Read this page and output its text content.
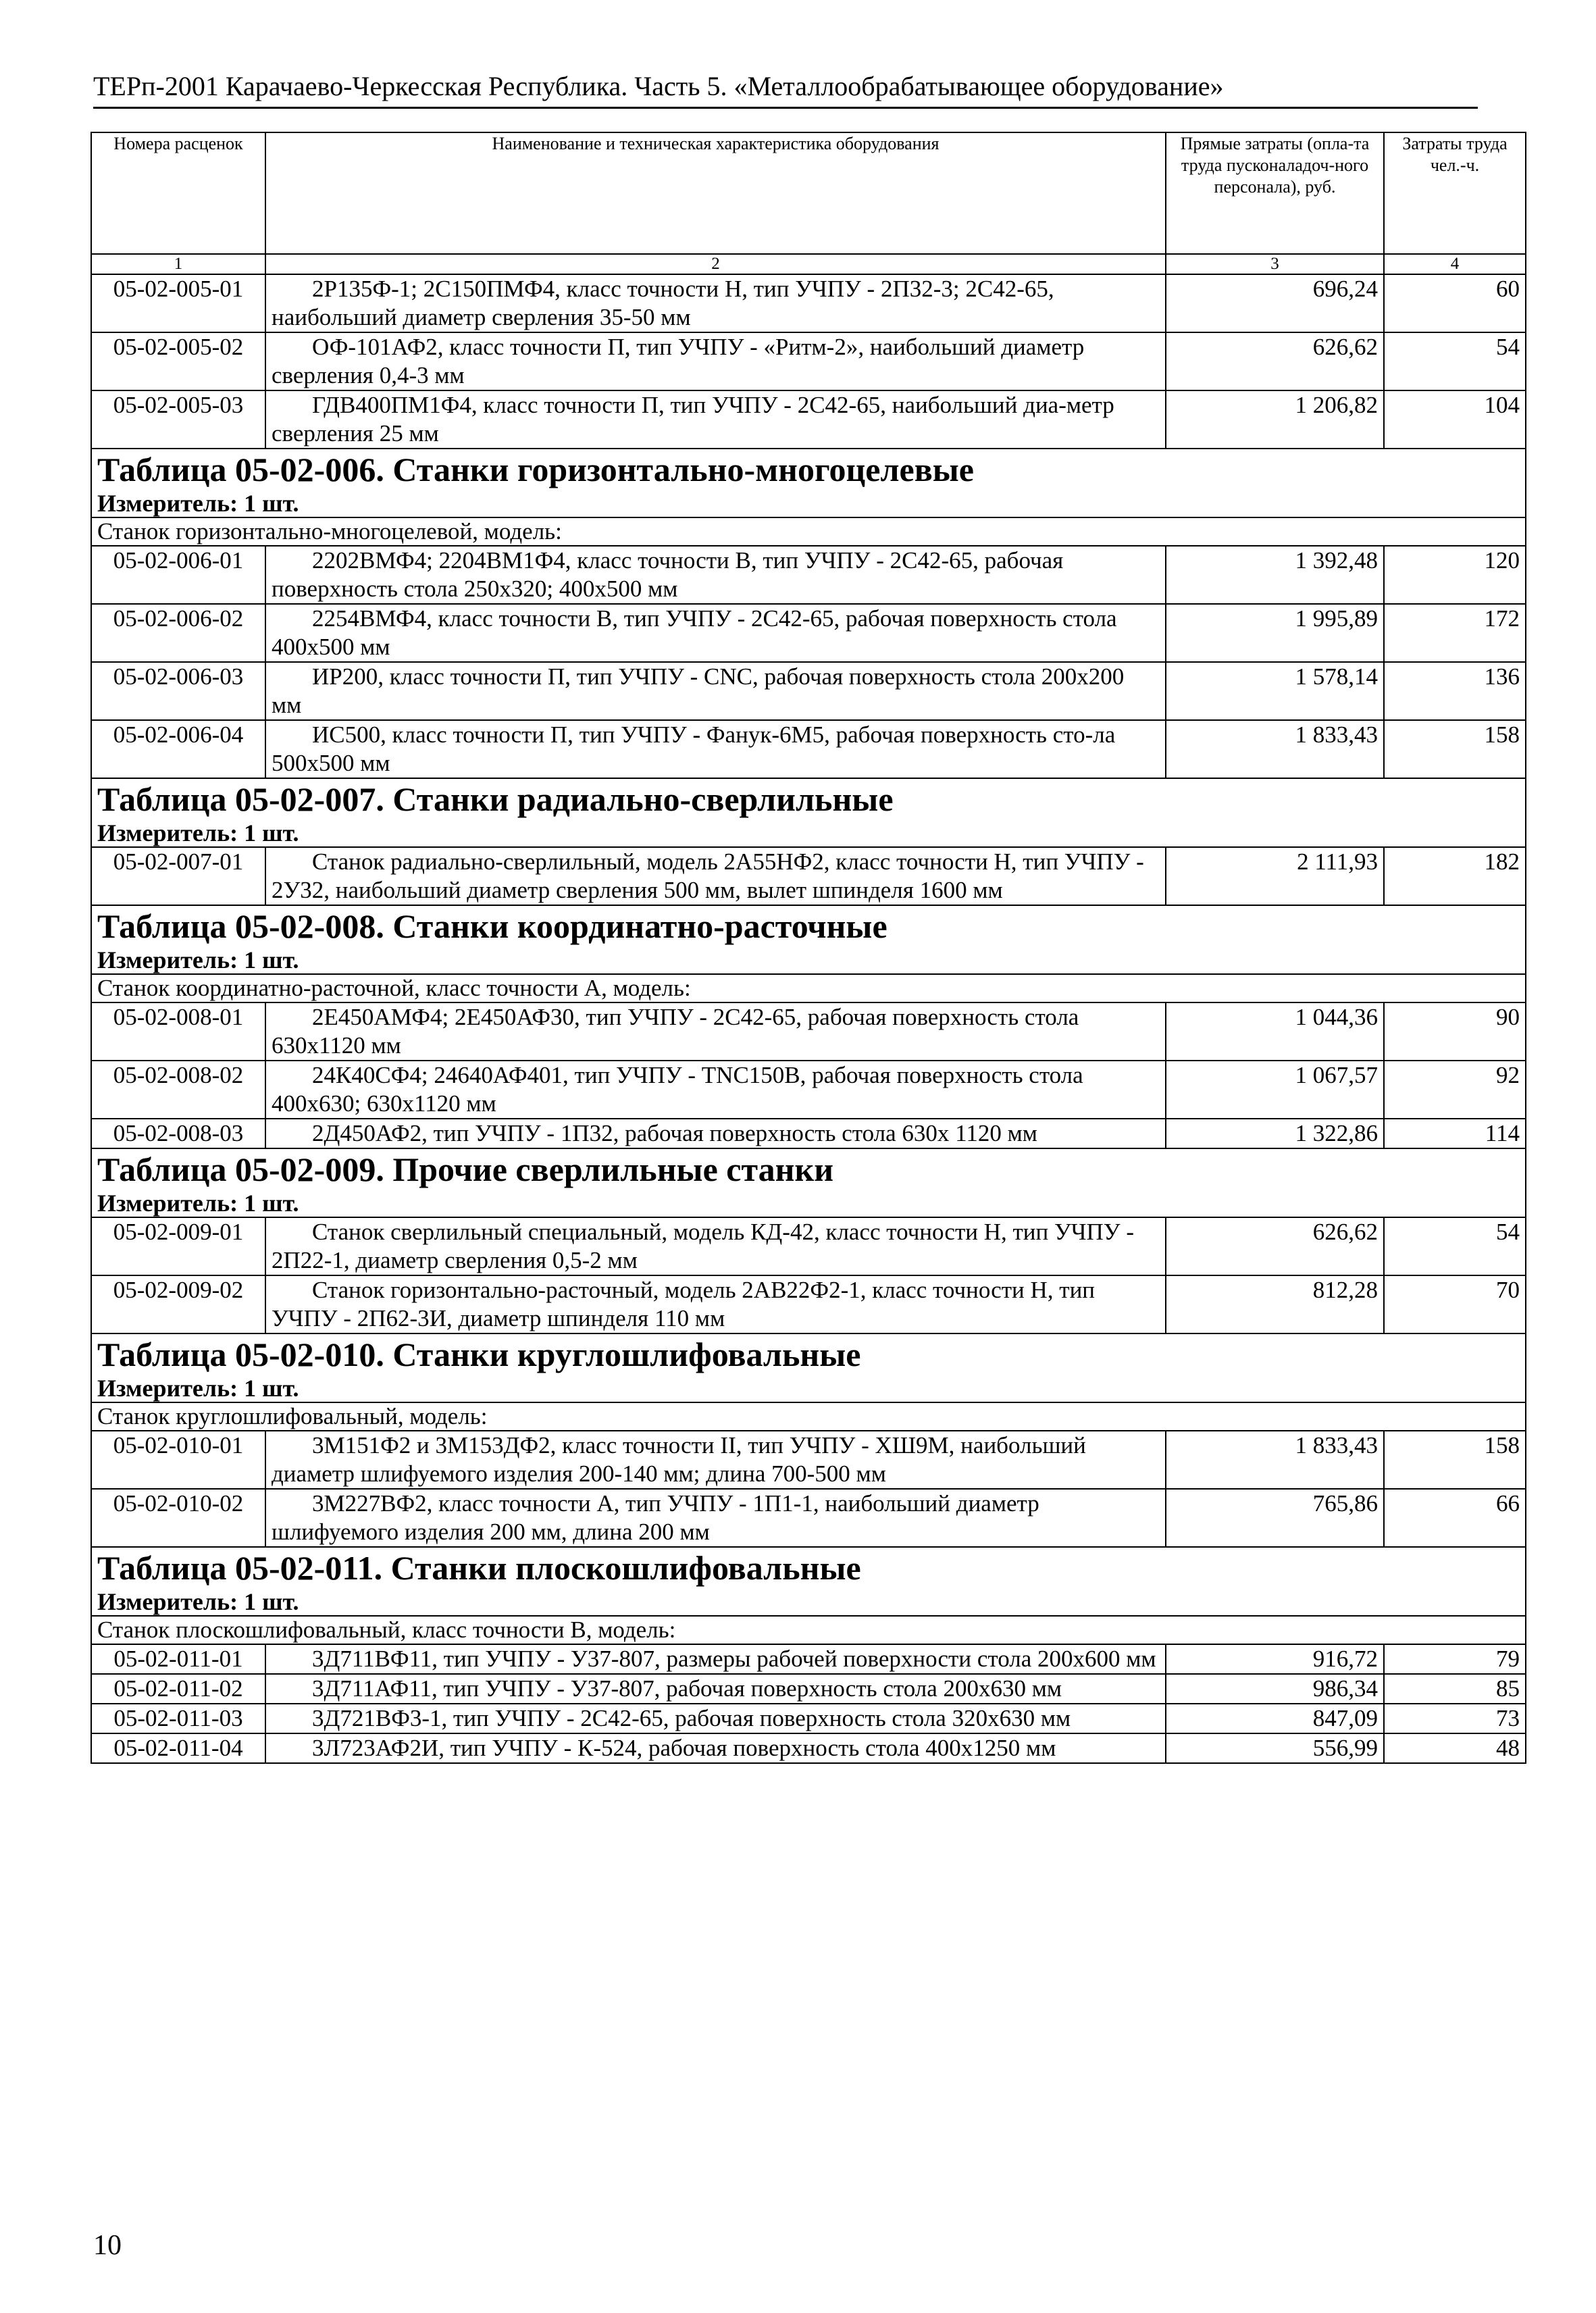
ТЕРп-2001 Карачаево-Черкесская Республика. Часть 5. «Металлообрабатывающее оборудование»
Номера расценок	Наименование и техническая характеристика оборудования	Прямые затраты (опла-та труда пусконаладоч-ного персонала), руб.	Затраты труда чел.-ч.
1	2	3	4
05-02-005-01	2Р135Ф-1; 2С150ПМФ4, класс точности Н, тип УЧПУ - 2П32-3; 2С42-65, наибольший диаметр сверления 35-50 мм	696,24	60
05-02-005-02	ОФ-101АФ2, класс точности П, тип УЧПУ - «Ритм-2», наибольший диаметр сверления 0,4-3 мм	626,62	54
05-02-005-03	ГДВ400ПМ1Ф4, класс точности П, тип УЧПУ - 2С42-65, наибольший диа-метр сверления 25 мм	1 206,82	104
Таблица 05-02-006. Станки горизонтально-многоцелевые			
Измеритель: 1 шт.			
Станок горизонтально-многоцелевой, модель:			
05-02-006-01	2202ВМФ4; 2204ВМ1Ф4, класс точности В, тип УЧПУ - 2С42-65, рабочая поверхность стола 250х320; 400х500 мм	1 392,48	120
05-02-006-02	2254ВМФ4, класс точности В, тип УЧПУ - 2С42-65, рабочая поверхность стола 400х500 мм	1 995,89	172
05-02-006-03	ИР200, класс точности П, тип УЧПУ - CNC, рабочая поверхность стола 200х200 мм	1 578,14	136
05-02-006-04	ИС500, класс точности П, тип УЧПУ - Фанук-6М5, рабочая поверхность сто-ла 500х500 мм	1 833,43	158
Таблица 05-02-007. Станки радиально-сверлильные			
Измеритель: 1 шт.			
05-02-007-01	Станок радиально-сверлильный, модель 2А55НФ2, класс точности Н, тип УЧПУ - 2У32, наибольший диаметр сверления 500 мм, вылет шпинделя 1600 мм	2 111,93	182
Таблица 05-02-008. Станки координатно-расточные			
Измеритель: 1 шт.			
Станок координатно-расточной, класс точности А, модель:			
05-02-008-01	2Е450АМФ4; 2Е450АФ30, тип УЧПУ - 2С42-65, рабочая поверхность стола 630х1120 мм	1 044,36	90
05-02-008-02	24К40СФ4; 24640АФ401, тип УЧПУ - TNC150B, рабочая поверхность стола 400х630; 630х1120 мм	1 067,57	92
05-02-008-03	2Д450АФ2, тип УЧПУ - 1П32, рабочая поверхность стола 630х 1120 мм	1 322,86	114
Таблица 05-02-009. Прочие сверлильные станки			
Измеритель: 1 шт.			
05-02-009-01	Станок сверлильный специальный, модель КД-42, класс точности Н, тип УЧПУ - 2П22-1, диаметр сверления 0,5-2 мм	626,62	54
05-02-009-02	Станок горизонтально-расточный, модель 2АВ22Ф2-1, класс точности Н, тип УЧПУ - 2П62-3И, диаметр шпинделя 110 мм	812,28	70
Таблица 05-02-010. Станки круглошлифовальные			
Измеритель: 1 шт.			
Станок круглошлифовальный, модель:			
05-02-010-01	3М151Ф2 и 3М153ДФ2, класс точности II, тип УЧПУ - ХШ9М, наибольший диаметр шлифуемого изделия 200-140 мм; длина 700-500 мм	1 833,43	158
05-02-010-02	3М227ВФ2, класс точности А, тип УЧПУ - 1П1-1, наибольший диаметр шлифуемого изделия 200 мм, длина 200 мм	765,86	66
Таблица 05-02-011. Станки плоскошлифовальные			
Измеритель: 1 шт.			
Станок плоскошлифовальный, класс точности В, модель:			
05-02-011-01	3Д711ВФ11, тип УЧПУ - У37-807, размеры рабочей поверхности стола 200х600 мм	916,72	79
05-02-011-02	3Д711АФ11, тип УЧПУ - У37-807, рабочая поверхность стола 200х630 мм	986,34	85
05-02-011-03	3Д721ВФ3-1, тип УЧПУ - 2С42-65, рабочая поверхность стола 320х630 мм	847,09	73
05-02-011-04	3Л723АФ2И, тип УЧПУ - К-524, рабочая поверхность стола 400х1250 мм	556,99	48
10
